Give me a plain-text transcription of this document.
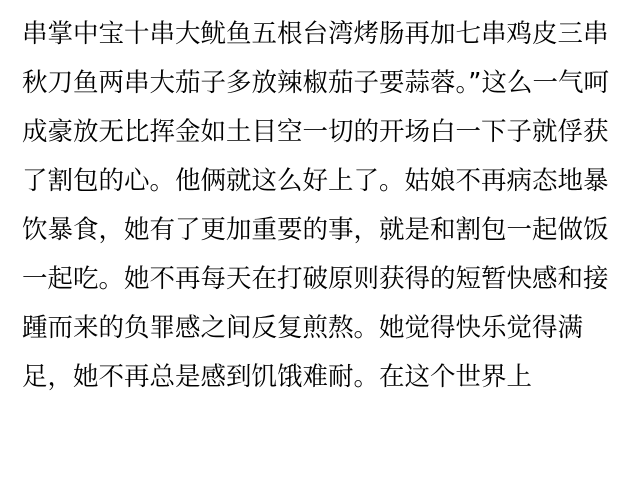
串掌中宝十串大鱿鱼五根台湾烤肠再加七串鸡皮三串秋刀鱼两串大茄子多放辣椒茄子要蒜蓉。”这么一气呵成豪放无比挥金如土目空一切的开场白一下子就俘获了割包的心。他俩就这么好上了。姑娘不再病态地暴饮暴食，她有了更加重要的事，就是和割包一起做饭一起吃。她不再每天在打破原则获得的短暂快感和接踵而来的负罪感之间反复煎熬。她觉得快乐觉得满足，她不再总是感到饥饿难耐。在这个世界上
